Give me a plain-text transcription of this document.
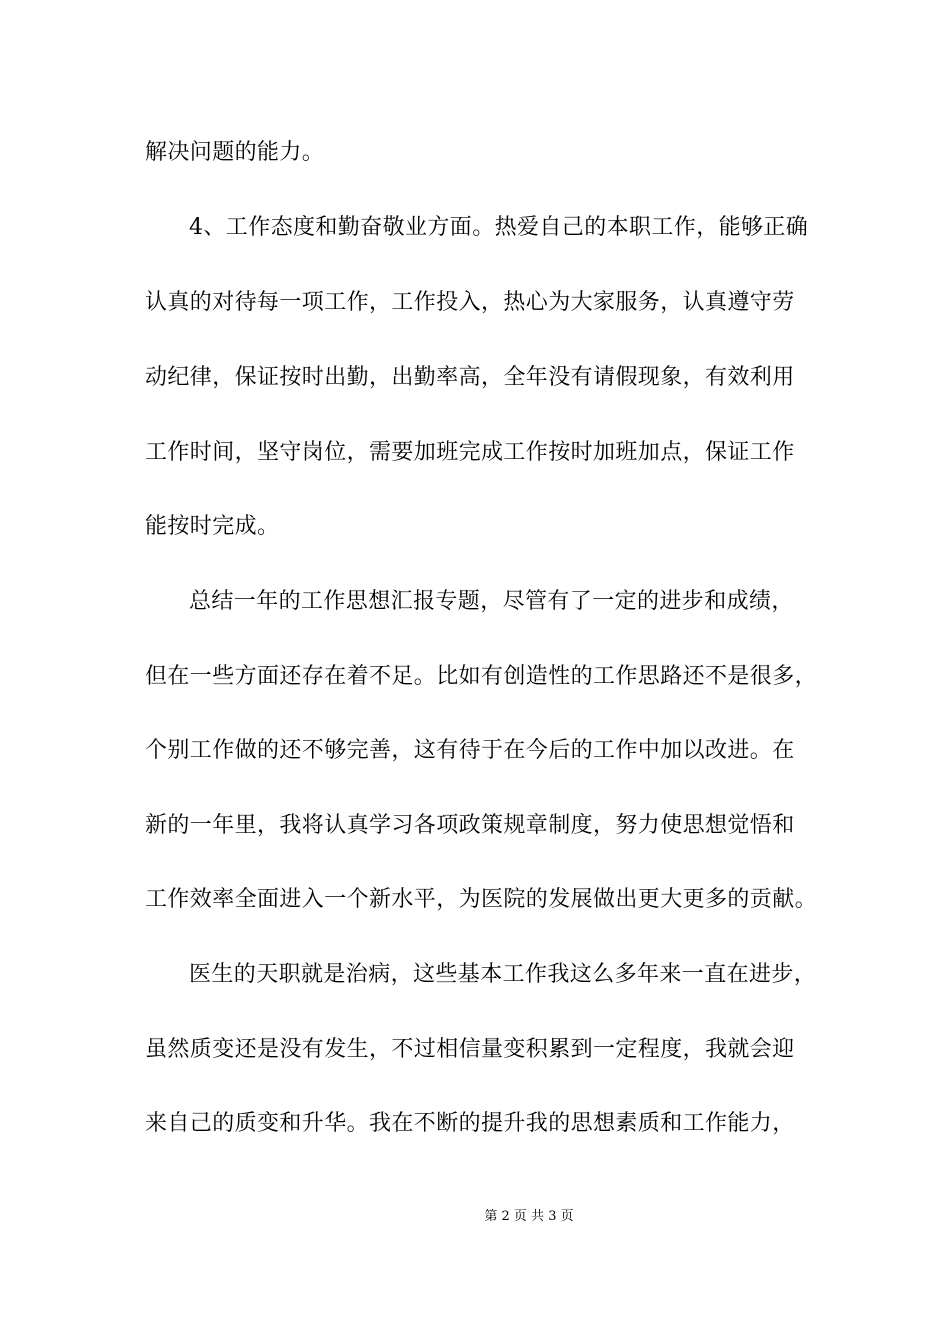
解决问题的能力。
4、工作态度和勤奋敬业方面。热爱自己的本职工作，能够正确
认真的对待每一项工作，工作投入，热心为大家服务，认真遵守劳
动纪律，保证按时出勤，出勤率高，全年没有请假现象，有效利用
工作时间，坚守岗位，需要加班完成工作按时加班加点，保证工作
能按时完成。
总结一年的工作思想汇报专题，尽管有了一定的进步和成绩，
但在一些方面还存在着不足。比如有创造性的工作思路还不是很多，
个别工作做的还不够完善，这有待于在今后的工作中加以改进。在
新的一年里，我将认真学习各项政策规章制度，努力使思想觉悟和
工作效率全面进入一个新水平，为医院的发展做出更大更多的贡献。
医生的天职就是治病，这些基本工作我这么多年来一直在进步，
虽然质变还是没有发生，不过相信量变积累到一定程度，我就会迎
来自己的质变和升华。我在不断的提升我的思想素质和工作能力，
第 2 页 共 3 页
